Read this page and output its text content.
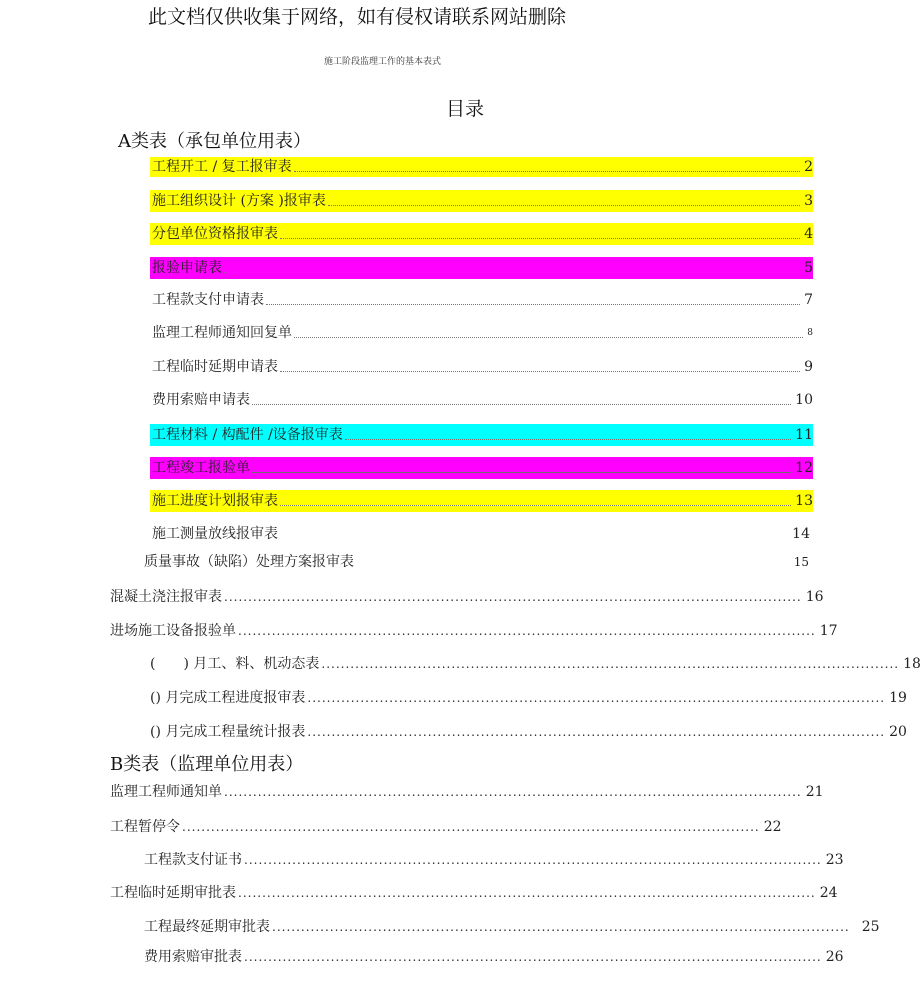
此文档仅供收集于网络，如有侵权请联系网站删除
施工阶段监理工作的基本表式
目录
A类表（承包单位用表）
工程开工 / 复工报审表	2
施工组织设计 (方案 )报审表	3
分包单位资格报审表	4
报验申请表	5
工程款支付申请表	7
监理工程师通知回复单	8
工程临时延期申请表	9
费用索赔申请表	10
工程材料 / 构配件 /设备报审表	11
工程竣工报验单	12
施工进度计划报审表	13
施工测量放线报审表	14
质量事故（缺陷）处理方案报审表	15
混凝土浇注报审表 ........................................................................................................................ 16
进场施工设备报验单 ........................................................................................................................ 17
(　　) 月工、料、机动态表 ........................................................................................................................ 18
() 月完成工程进度报审表 ........................................................................................................................ 19
() 月完成工程量统计报表 ........................................................................................................................ 20
B类表（监理单位用表）
监理工程师通知单 ........................................................................................................................ 21
工程暂停令 ........................................................................................................................ 22
工程款支付证书 ........................................................................................................................ 23
工程临时延期审批表 ........................................................................................................................ 24
工程最终延期审批表 ........................................................................................................................ 25
费用索赔审批表 ........................................................................................................................ 26
